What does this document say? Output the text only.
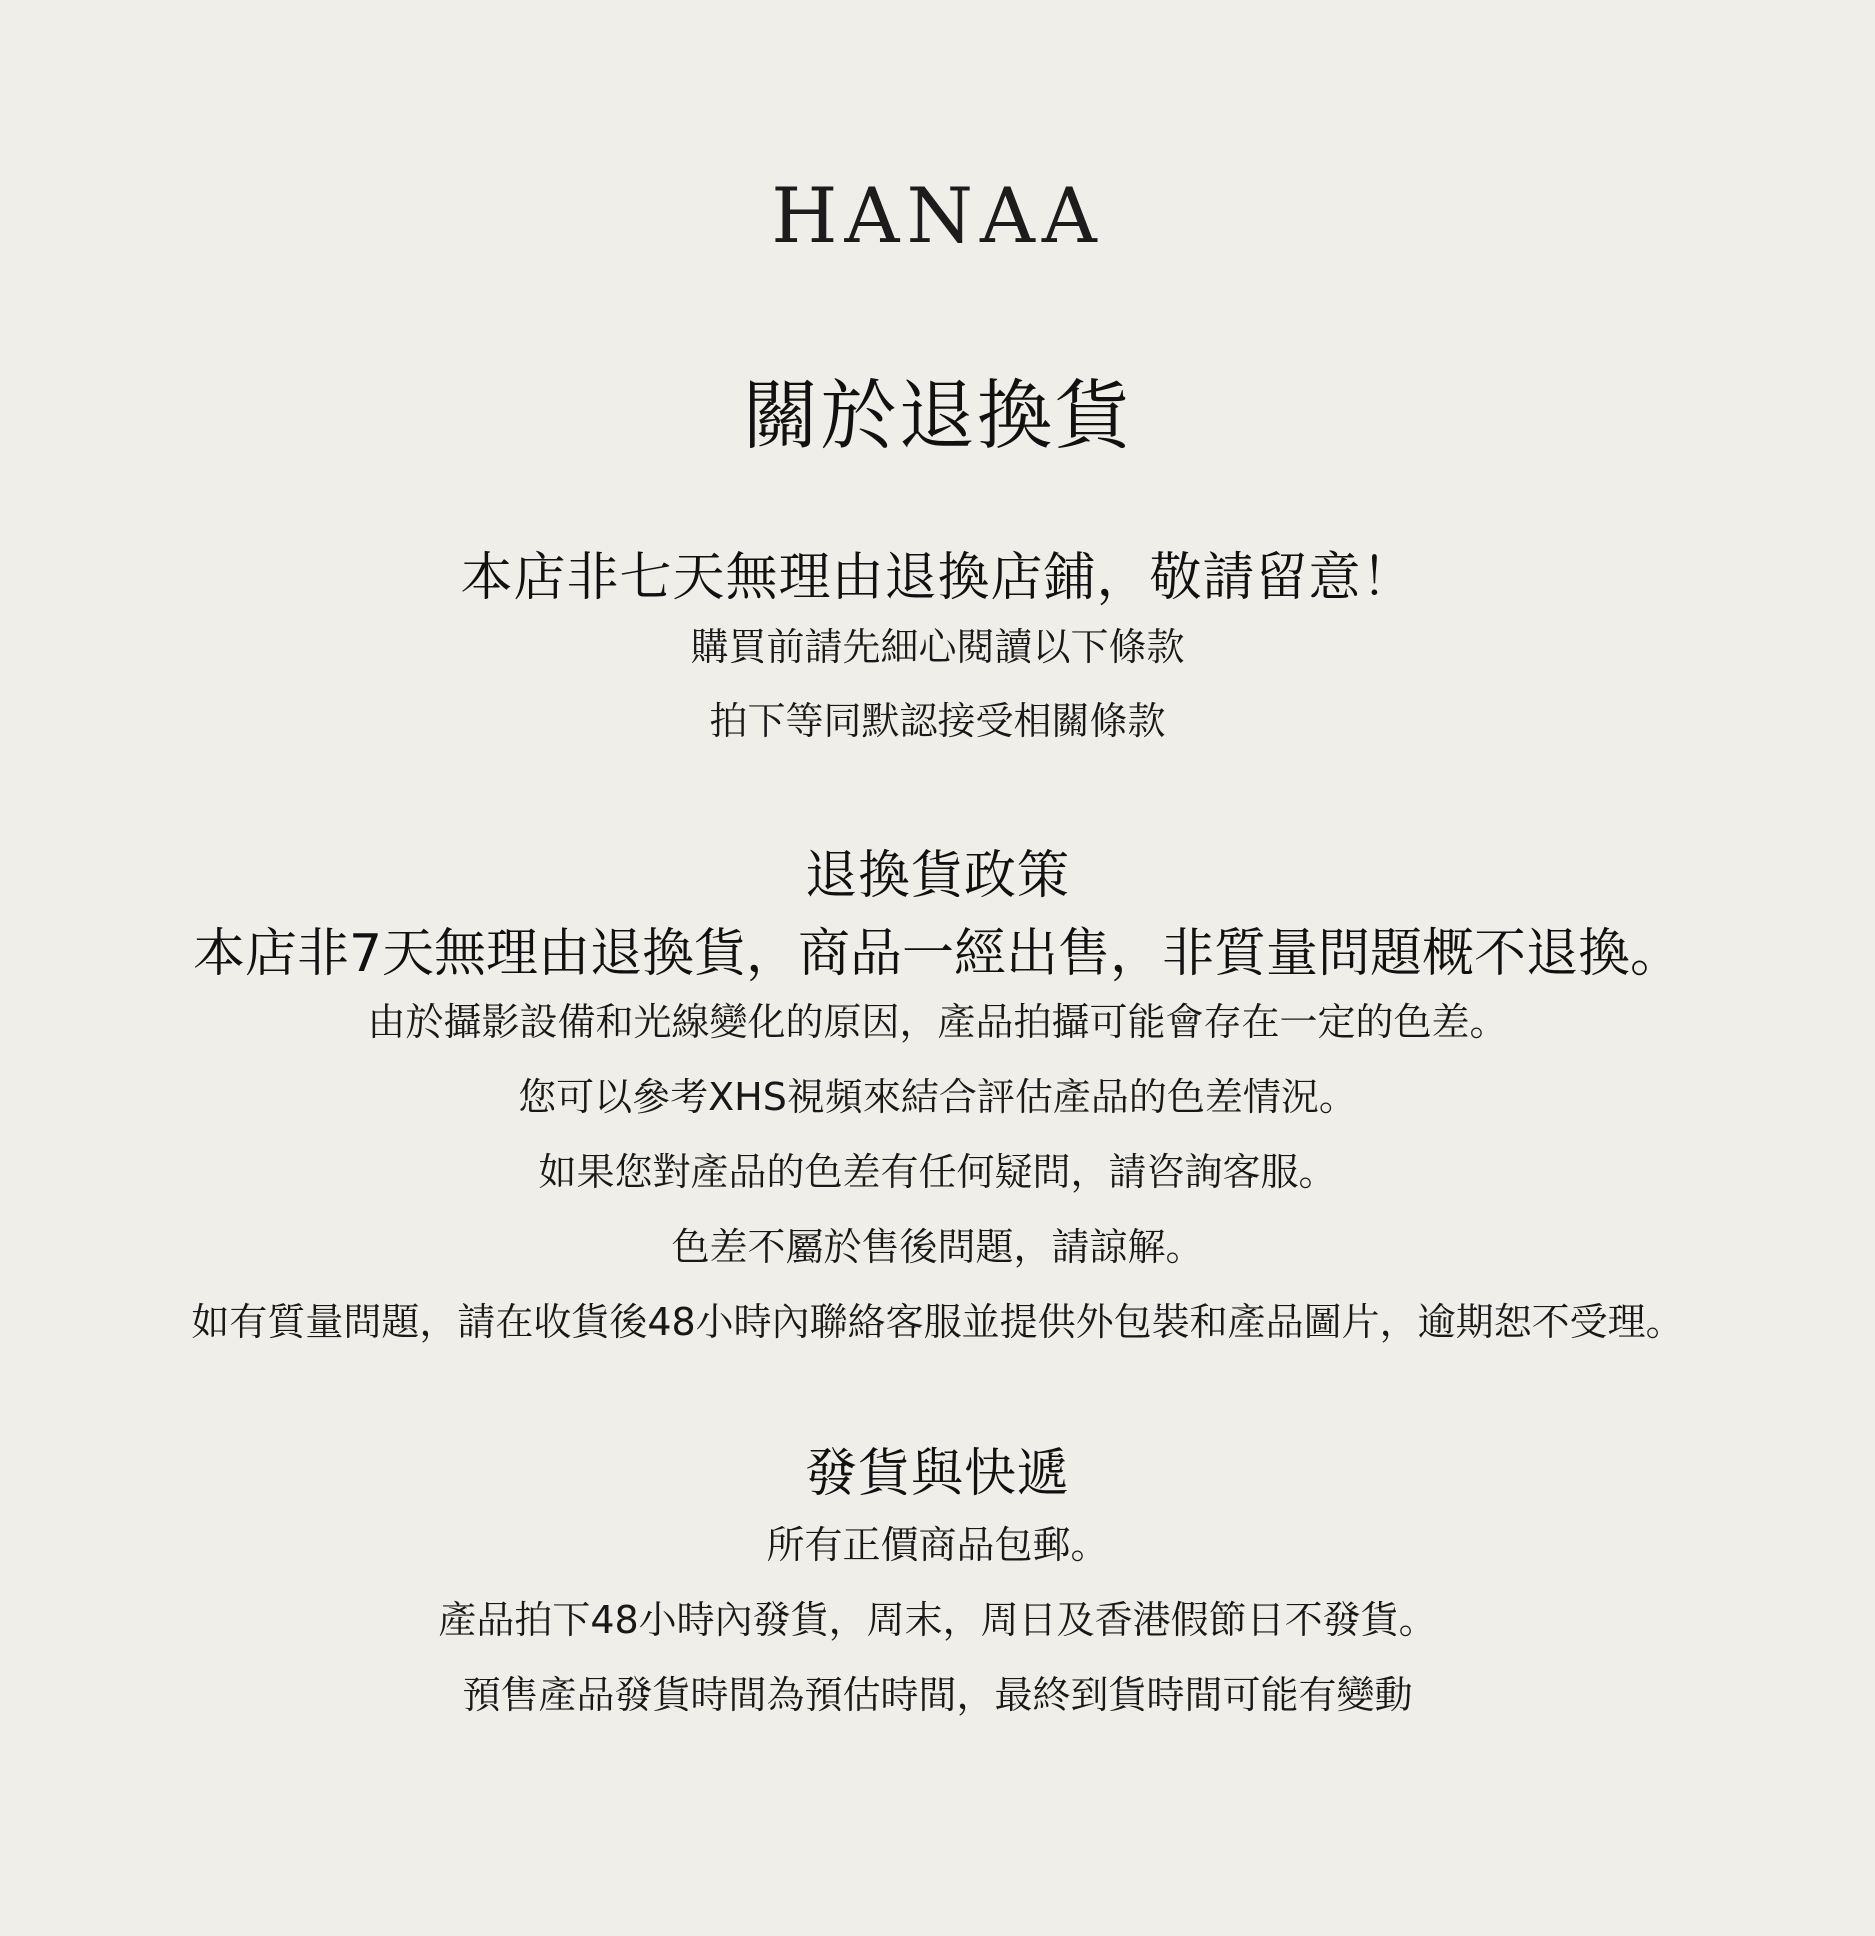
HANAA
關於退換貨
本店非七天無理由退換店鋪，敬請留意！

購買前請先細心閱讀以下條款

拍下等同默認接受相關條款

退換貨政策

本店非7天無理由退換貨，商品一經出售，非質量問題概不退換。

由於攝影設備和光線變化的原因，產品拍攝可能會存在一定的色差。

您可以參考XHS視頻來結合評估產品的色差情況。

如果您對產品的色差有任何疑問，請咨詢客服。

色差不屬於售後問題，請諒解。

如有質量問題，請在收貨後48小時內聯絡客服並提供外包裝和產品圖片，逾期恕不受理。

發貨與快遞

所有正價商品包郵。

產品拍下48小時內發貨，周末，周日及香港假節日不發貨。

預售產品發貨時間為預估時間，最終到貨時間可能有變動
